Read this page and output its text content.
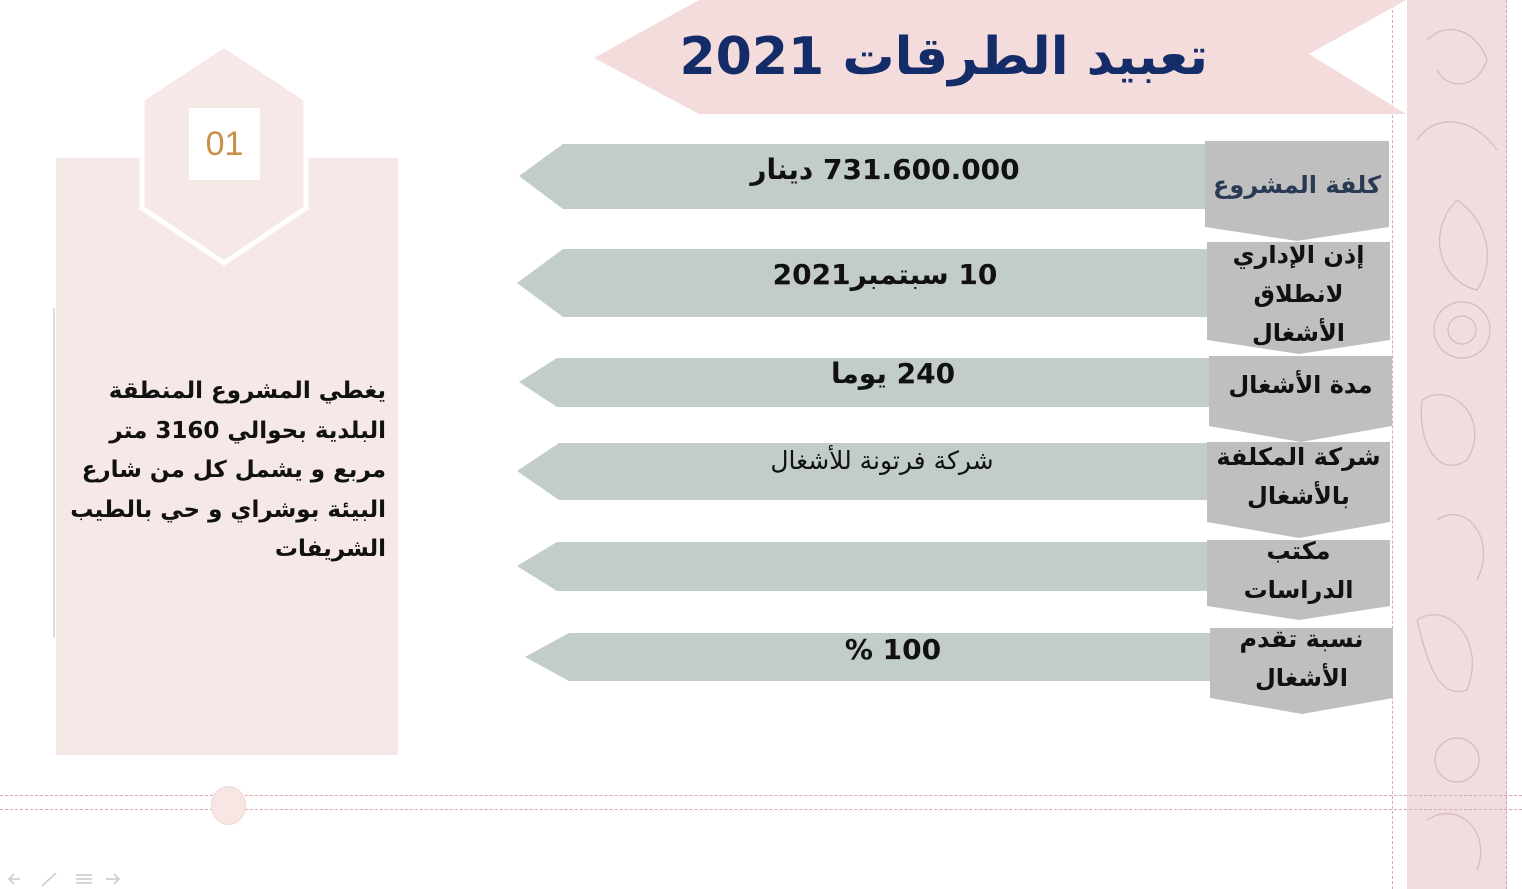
تعبيد الطرقات 2021
01
يغطي المشروع المنطقة
البلدية بحوالي 3160 متر
مربع و يشمل كل من شارع
البيئة بوشراي و حي بالطيب
الشريفات
كلفة المشروع
731.600.000 دينار
إذن الإداري
لانطلاق
الأشغال
10 سبتمبر2021
مدة الأشغال
240 يوما
شركة المكلفة
بالأشغال
شركة فرتونة للأشغال
مكتب
الدراسات
نسبة تقدم
الأشغال
100 %
